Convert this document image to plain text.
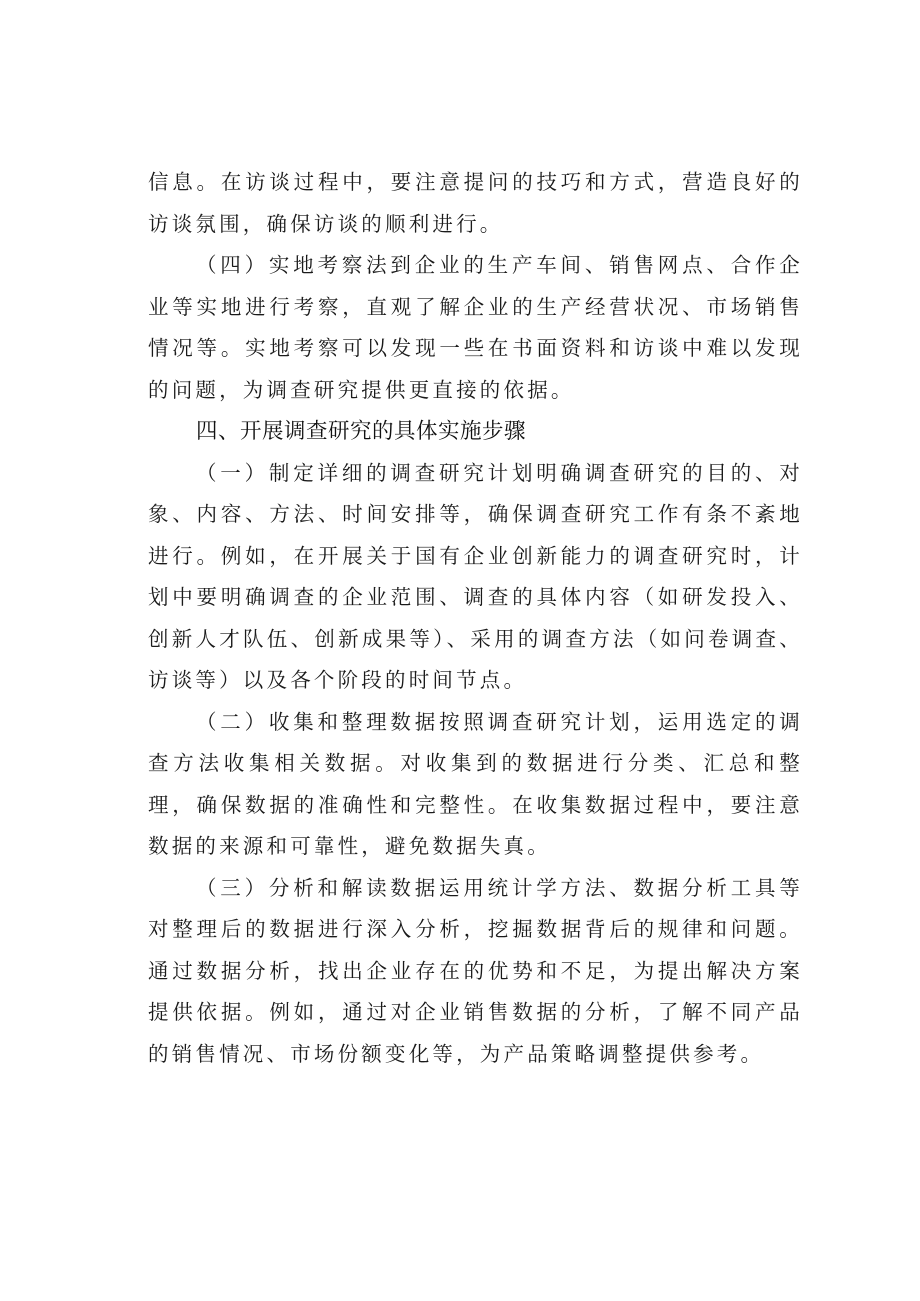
信息。在访谈过程中，要注意提问的技巧和方式，营造良好的访谈氛围，确保访谈的顺利进行。

（四）实地考察法到企业的生产车间、销售网点、合作企业等实地进行考察，直观了解企业的生产经营状况、市场销售情况等。实地考察可以发现一些在书面资料和访谈中难以发现的问题，为调查研究提供更直接的依据。

四、开展调查研究的具体实施步骤

（一）制定详细的调查研究计划明确调查研究的目的、对象、内容、方法、时间安排等，确保调查研究工作有条不紊地进行。例如，在开展关于国有企业创新能力的调查研究时，计划中要明确调查的企业范围、调查的具体内容（如研发投入、创新人才队伍、创新成果等）、采用的调查方法（如问卷调查、访谈等）以及各个阶段的时间节点。

（二）收集和整理数据按照调查研究计划，运用选定的调查方法收集相关数据。对收集到的数据进行分类、汇总和整理，确保数据的准确性和完整性。在收集数据过程中，要注意数据的来源和可靠性，避免数据失真。

（三）分析和解读数据运用统计学方法、数据分析工具等对整理后的数据进行深入分析，挖掘数据背后的规律和问题。通过数据分析，找出企业存在的优势和不足，为提出解决方案提供依据。例如，通过对企业销售数据的分析，了解不同产品的销售情况、市场份额变化等，为产品策略调整提供参考。
